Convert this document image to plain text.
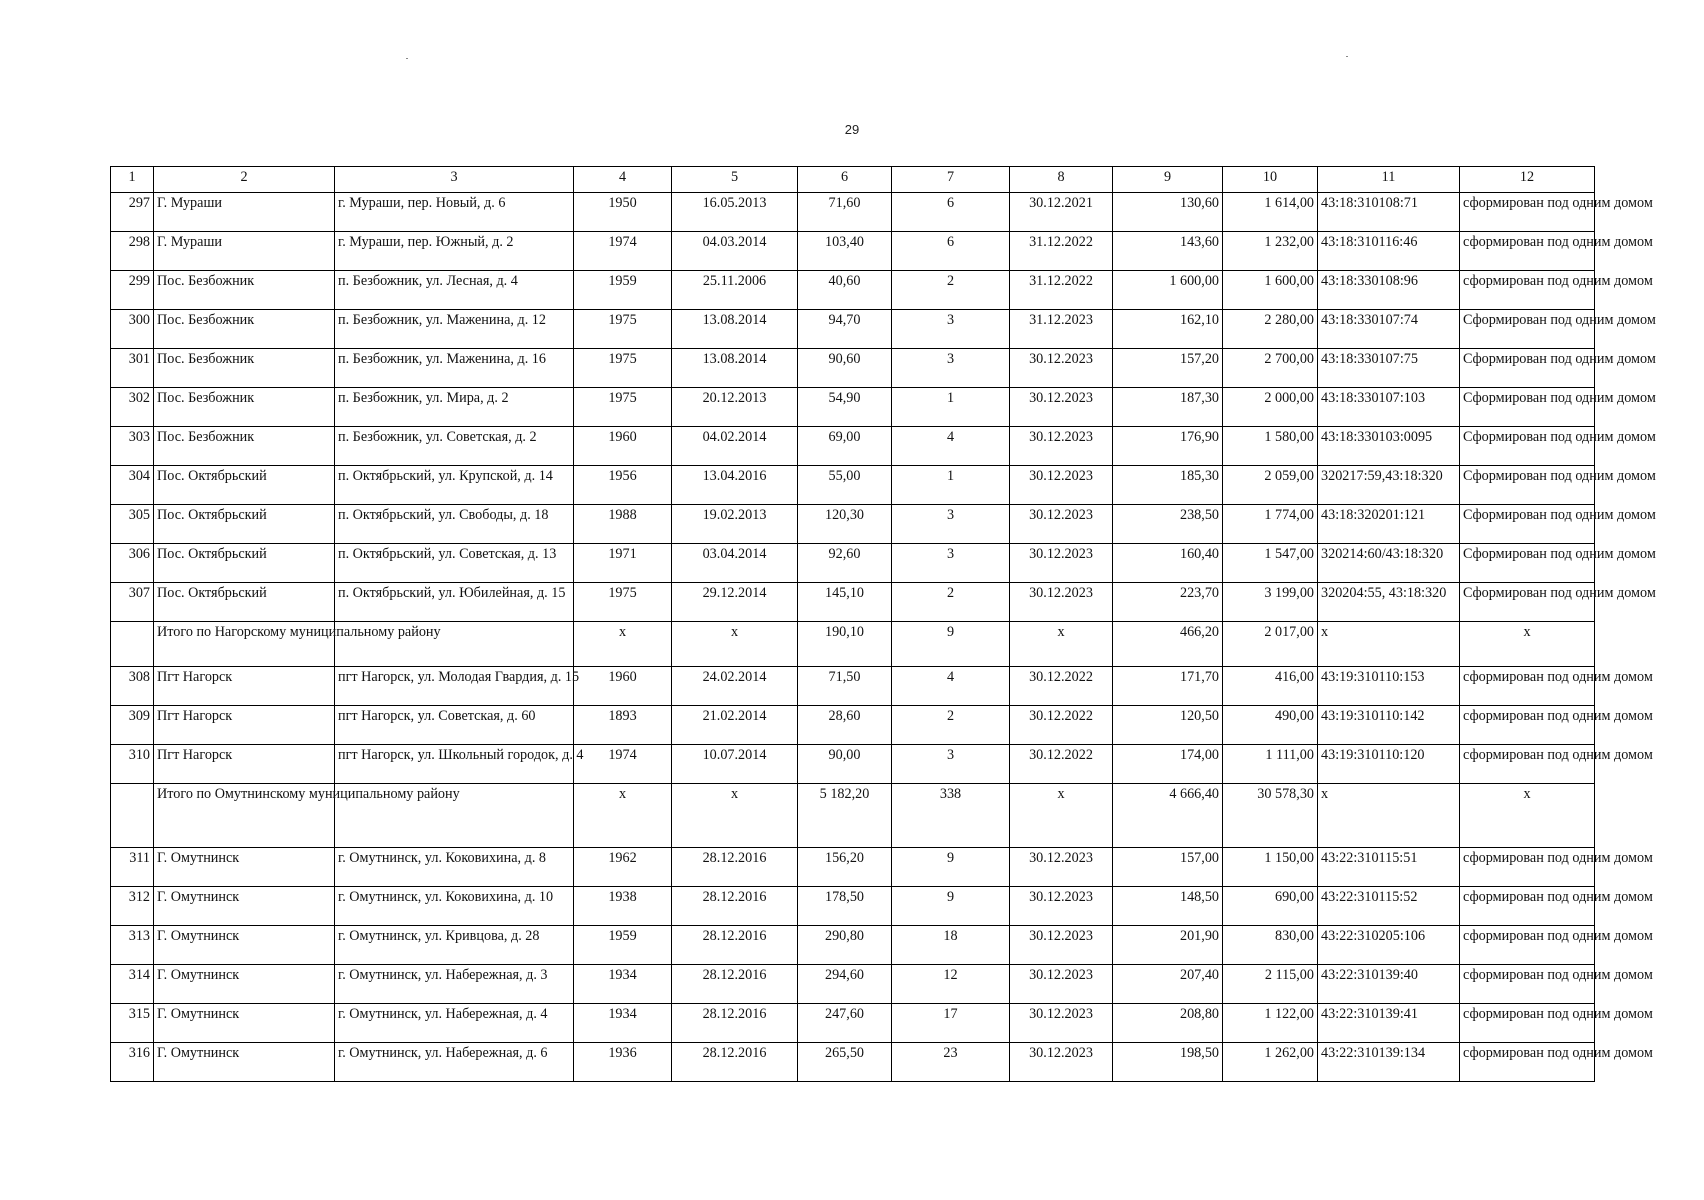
29
1	2	3	4	5	6	7	8	9	10	11	12
297	Г. Мураши	г. Мураши, пер. Новый, д. 6	1950	16.05.2013	71,60	6	30.12.2021	130,60	1 614,00	43:18:310108:71	сформирован под одним домом
298	Г. Мураши	г. Мураши, пер. Южный, д. 2	1974	04.03.2014	103,40	6	31.12.2022	143,60	1 232,00	43:18:310116:46	сформирован под одним домом
299	Пос. Безбожник	п. Безбожник, ул. Лесная, д. 4	1959	25.11.2006	40,60	2	31.12.2022	1 600,00	1 600,00	43:18:330108:96	сформирован под одним домом
300	Пос. Безбожник	п. Безбожник, ул. Маженина, д. 12	1975	13.08.2014	94,70	3	31.12.2023	162,10	2 280,00	43:18:330107:74	Сформирован под одним домом
301	Пос. Безбожник	п. Безбожник, ул. Маженина, д. 16	1975	13.08.2014	90,60	3	30.12.2023	157,20	2 700,00	43:18:330107:75	Сформирован под одним домом
302	Пос. Безбожник	п. Безбожник, ул. Мира, д. 2	1975	20.12.2013	54,90	1	30.12.2023	187,30	2 000,00	43:18:330107:103	Сформирован под одним домом
303	Пос. Безбожник	п. Безбожник, ул. Советская, д. 2	1960	04.02.2014	69,00	4	30.12.2023	176,90	1 580,00	43:18:330103:0095	Сформирован под одним домом
304	Пос. Октябрьский	п. Октябрьский, ул. Крупской, д. 14	1956	13.04.2016	55,00	1	30.12.2023	185,30	2 059,00	320217:59,43:18:320	Сформирован под одним домом
305	Пос. Октябрьский	п. Октябрьский, ул. Свободы, д. 18	1988	19.02.2013	120,30	3	30.12.2023	238,50	1 774,00	43:18:320201:121	Сформирован под одним домом
306	Пос. Октябрьский	п. Октябрьский, ул. Советская, д. 13	1971	03.04.2014	92,60	3	30.12.2023	160,40	1 547,00	320214:60/43:18:320	Сформирован под одним домом
307	Пос. Октябрьский	п. Октябрьский, ул. Юбилейная, д. 15	1975	29.12.2014	145,10	2	30.12.2023	223,70	3 199,00	320204:55, 43:18:320	Сформирован под одним домом
	Итого по Нагорскому муниципальному району		x	x	190,10	9	x	466,20	2 017,00	x	x
308	Пгт Нагорск	пгт Нагорск, ул. Молодая Гвардия, д. 15	1960	24.02.2014	71,50	4	30.12.2022	171,70	416,00	43:19:310110:153	сформирован под одним домом
309	Пгт Нагорск	пгт Нагорск, ул. Советская, д. 60	1893	21.02.2014	28,60	2	30.12.2022	120,50	490,00	43:19:310110:142	сформирован под одним домом
310	Пгт Нагорск	пгт Нагорск, ул. Школьный городок, д. 4	1974	10.07.2014	90,00	3	30.12.2022	174,00	1 111,00	43:19:310110:120	сформирован под одним домом
	Итого по Омутнинскому муниципальному району		x	x	5 182,20	338	x	4 666,40	30 578,30	x	x
311	Г. Омутнинск	г. Омутнинск, ул. Коковихина, д. 8	1962	28.12.2016	156,20	9	30.12.2023	157,00	1 150,00	43:22:310115:51	сформирован под одним домом
312	Г. Омутнинск	г. Омутнинск, ул. Коковихина, д. 10	1938	28.12.2016	178,50	9	30.12.2023	148,50	690,00	43:22:310115:52	сформирован под одним домом
313	Г. Омутнинск	г. Омутнинск, ул. Кривцова, д. 28	1959	28.12.2016	290,80	18	30.12.2023	201,90	830,00	43:22:310205:106	сформирован под одним домом
314	Г. Омутнинск	г. Омутнинск, ул. Набережная, д. 3	1934	28.12.2016	294,60	12	30.12.2023	207,40	2 115,00	43:22:310139:40	сформирован под одним домом
315	Г. Омутнинск	г. Омутнинск, ул. Набережная, д. 4	1934	28.12.2016	247,60	17	30.12.2023	208,80	1 122,00	43:22:310139:41	сформирован под одним домом
316	Г. Омутнинск	г. Омутнинск, ул. Набережная, д. 6	1936	28.12.2016	265,50	23	30.12.2023	198,50	1 262,00	43:22:310139:134	сформирован под одним домом
